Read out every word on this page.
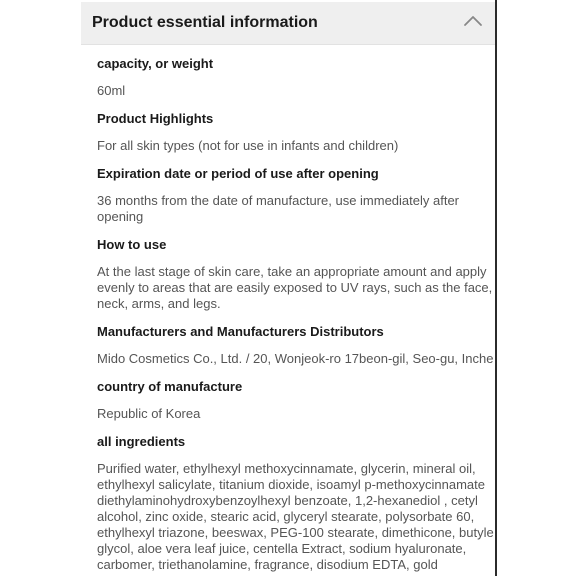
Product essential information
capacity, or weight
60ml
Product Highlights
For all skin types (not for use in infants and children)
Expiration date or period of use after opening
36 months from the date of manufacture, use immediately after
opening
How to use
At the last stage of skin care, take an appropriate amount and apply
evenly to areas that are easily exposed to UV rays, such as the face,
neck, arms, and legs.
Manufacturers and Manufacturers Distributors
Mido Cosmetics Co., Ltd. / 20, Wonjeok-ro 17beon-gil, Seo-gu, Inche
country of manufacture
Republic of Korea
all ingredients
Purified water, ethylhexyl methoxycinnamate, glycerin, mineral oil,
ethylhexyl salicylate, titanium dioxide, isoamyl p-methoxycinnamate
diethylaminohydroxybenzoylhexyl benzoate, 1,2-hexanediol , cetyl
alcohol, zinc oxide, stearic acid, glyceryl stearate, polysorbate 60,
ethylhexyl triazone, beeswax, PEG-100 stearate, dimethicone, butyle
glycol, aloe vera leaf juice, centella Extract, sodium hyaluronate,
carbomer, triethanolamine, fragrance, disodium EDTA, gold
